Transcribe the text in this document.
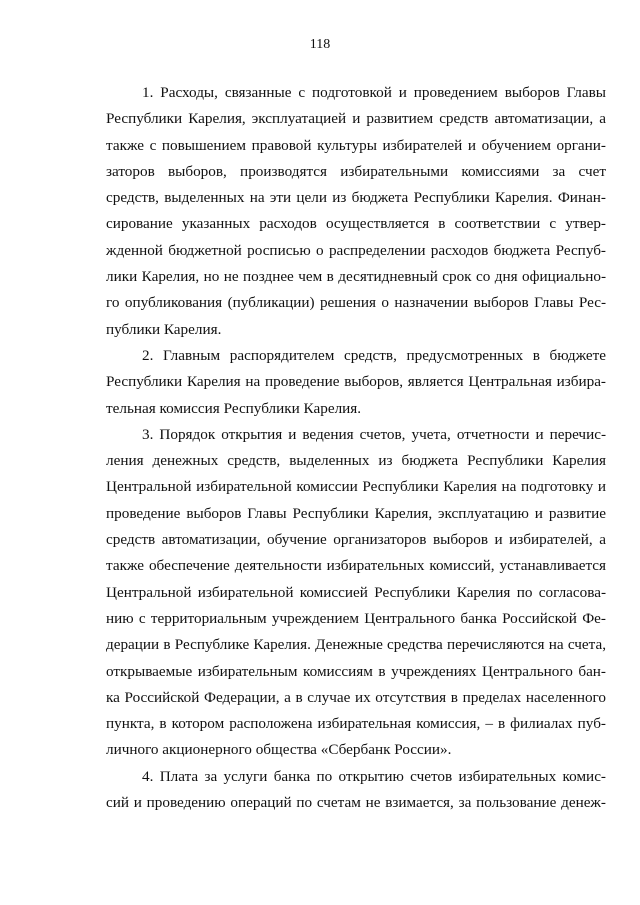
118
1. Расходы, связанные с подготовкой и проведением выборов Главы
Республики Карелия, эксплуатацией и развитием средств автоматизации, а
также с повышением правовой культуры избирателей и обучением органи-
заторов выборов, производятся избирательными комиссиями за счет
средств, выделенных на эти цели из бюджета Республики Карелия. Финан-
сирование указанных расходов осуществляется в соответствии с утвер-
жденной бюджетной росписью о распределении расходов бюджета Респуб-
лики Карелия, но не позднее чем в десятидневный срок со дня официально-
го опубликования (публикации) решения о назначении выборов Главы Рес-
публики Карелия.
2. Главным распорядителем средств, предусмотренных в бюджете
Республики Карелия на проведение выборов, является Центральная избира-
тельная комиссия Республики Карелия.
3. Порядок открытия и ведения счетов, учета, отчетности и перечис-
ления денежных средств, выделенных из бюджета Республики Карелия
Центральной избирательной комиссии Республики Карелия на подготовку и
проведение выборов Главы Республики Карелия, эксплуатацию и развитие
средств автоматизации, обучение организаторов выборов и избирателей, а
также обеспечение деятельности избирательных комиссий, устанавливается
Центральной избирательной комиссией Республики Карелия по согласова-
нию с территориальным учреждением Центрального банка Российской Фе-
дерации в Республике Карелия. Денежные средства перечисляются на счета,
открываемые избирательным комиссиям в учреждениях Центрального бан-
ка Российской Федерации, а в случае их отсутствия в пределах населенного
пункта, в котором расположена избирательная комиссия, – в филиалах пуб-
личного акционерного общества «Сбербанк России».
4. Плата за услуги банка по открытию счетов избирательных комис-
сий и проведению операций по счетам не взимается, за пользование денеж-
